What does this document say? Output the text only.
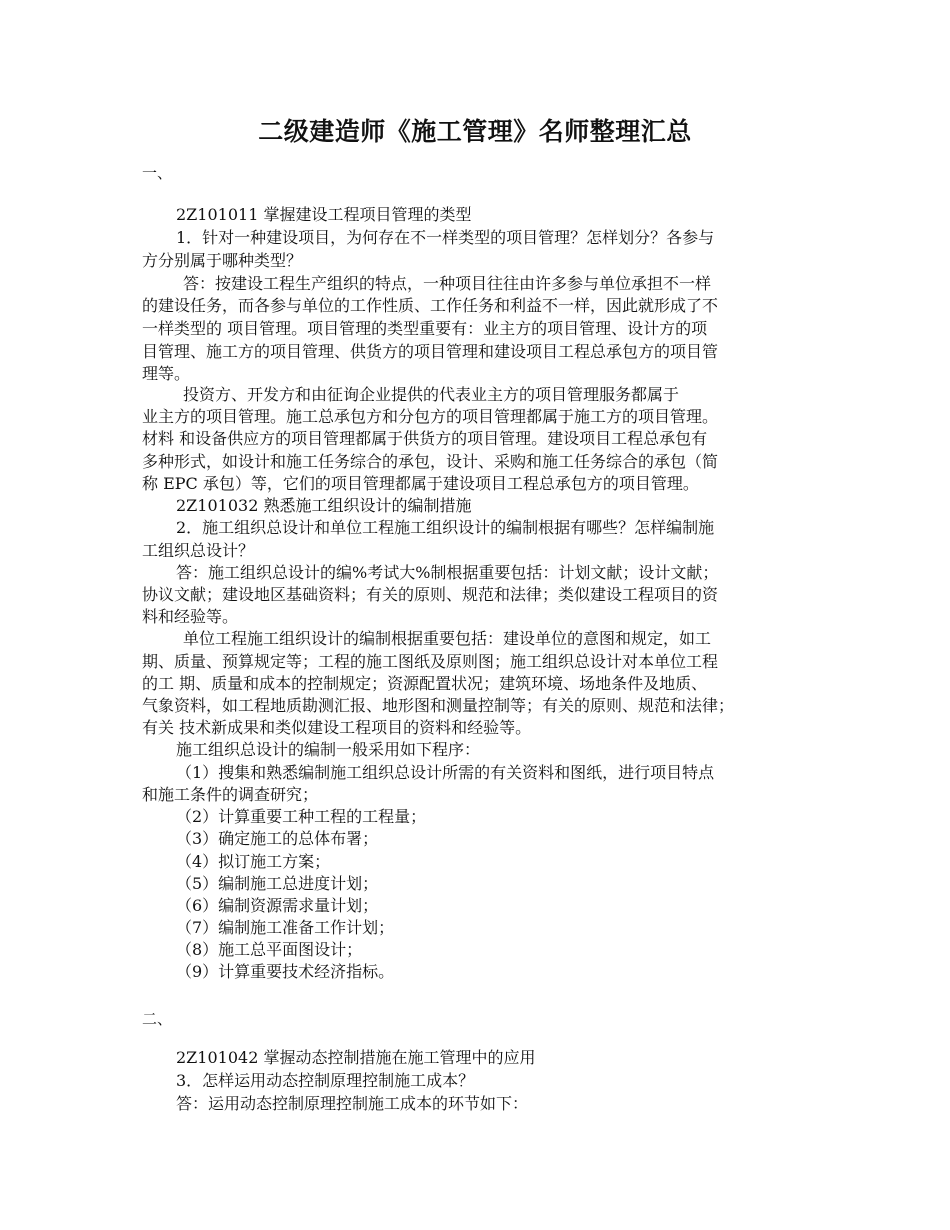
二级建造师《施工管理》名师整理汇总
一、

2Z101011 掌握建设工程项目管理的类型

1．针对一种建设项目，为何存在不一样类型的项目管理？怎样划分？各参与

方分别属于哪种类型？

答：按建设工程生产组织的特点，一种项目往往由许多参与单位承担不一样

的建设任务，而各参与单位的工作性质、工作任务和利益不一样，因此就形成了不

一样类型的 项目管理。项目管理的类型重要有：业主方的项目管理、设计方的项

目管理、施工方的项目管理、供货方的项目管理和建设项目工程总承包方的项目管

理等。

投资方、开发方和由征询企业提供的代表业主方的项目管理服务都属于

业主方的项目管理。施工总承包方和分包方的项目管理都属于施工方的项目管理。

材料 和设备供应方的项目管理都属于供货方的项目管理。建设项目工程总承包有

多种形式，如设计和施工任务综合的承包，设计、采购和施工任务综合的承包（简

称 EPC 承包）等，它们的项目管理都属于建设项目工程总承包方的项目管理。

2Z101032 熟悉施工组织设计的编制措施

2．施工组织总设计和单位工程施工组织设计的编制根据有哪些？怎样编制施

工组织总设计？

答：施工组织总设计的编%考试大%制根据重要包括：计划文献；设计文献；

协议文献；建设地区基础资料；有关的原则、规范和法律；类似建设工程项目的资

料和经验等。

单位工程施工组织设计的编制根据重要包括：建设单位的意图和规定，如工

期、质量、预算规定等；工程的施工图纸及原则图；施工组织总设计对本单位工程

的工 期、质量和成本的控制规定；资源配置状况；建筑环境、场地条件及地质、

气象资料，如工程地质勘测汇报、地形图和测量控制等；有关的原则、规范和法律；

有关 技术新成果和类似建设工程项目的资料和经验等。

施工组织总设计的编制一般采用如下程序：

（1）搜集和熟悉编制施工组织总设计所需的有关资料和图纸，进行项目特点

和施工条件的调查研究；

（2）计算重要工种工程的工程量；

（3）确定施工的总体布署；

（4）拟订施工方案；

（5）编制施工总进度计划；

（6）编制资源需求量计划；

（7）编制施工准备工作计划；

（8）施工总平面图设计；

（9）计算重要技术经济指标。

二、

2Z101042 掌握动态控制措施在施工管理中的应用

3．怎样运用动态控制原理控制施工成本？

答：运用动态控制原理控制施工成本的环节如下：
